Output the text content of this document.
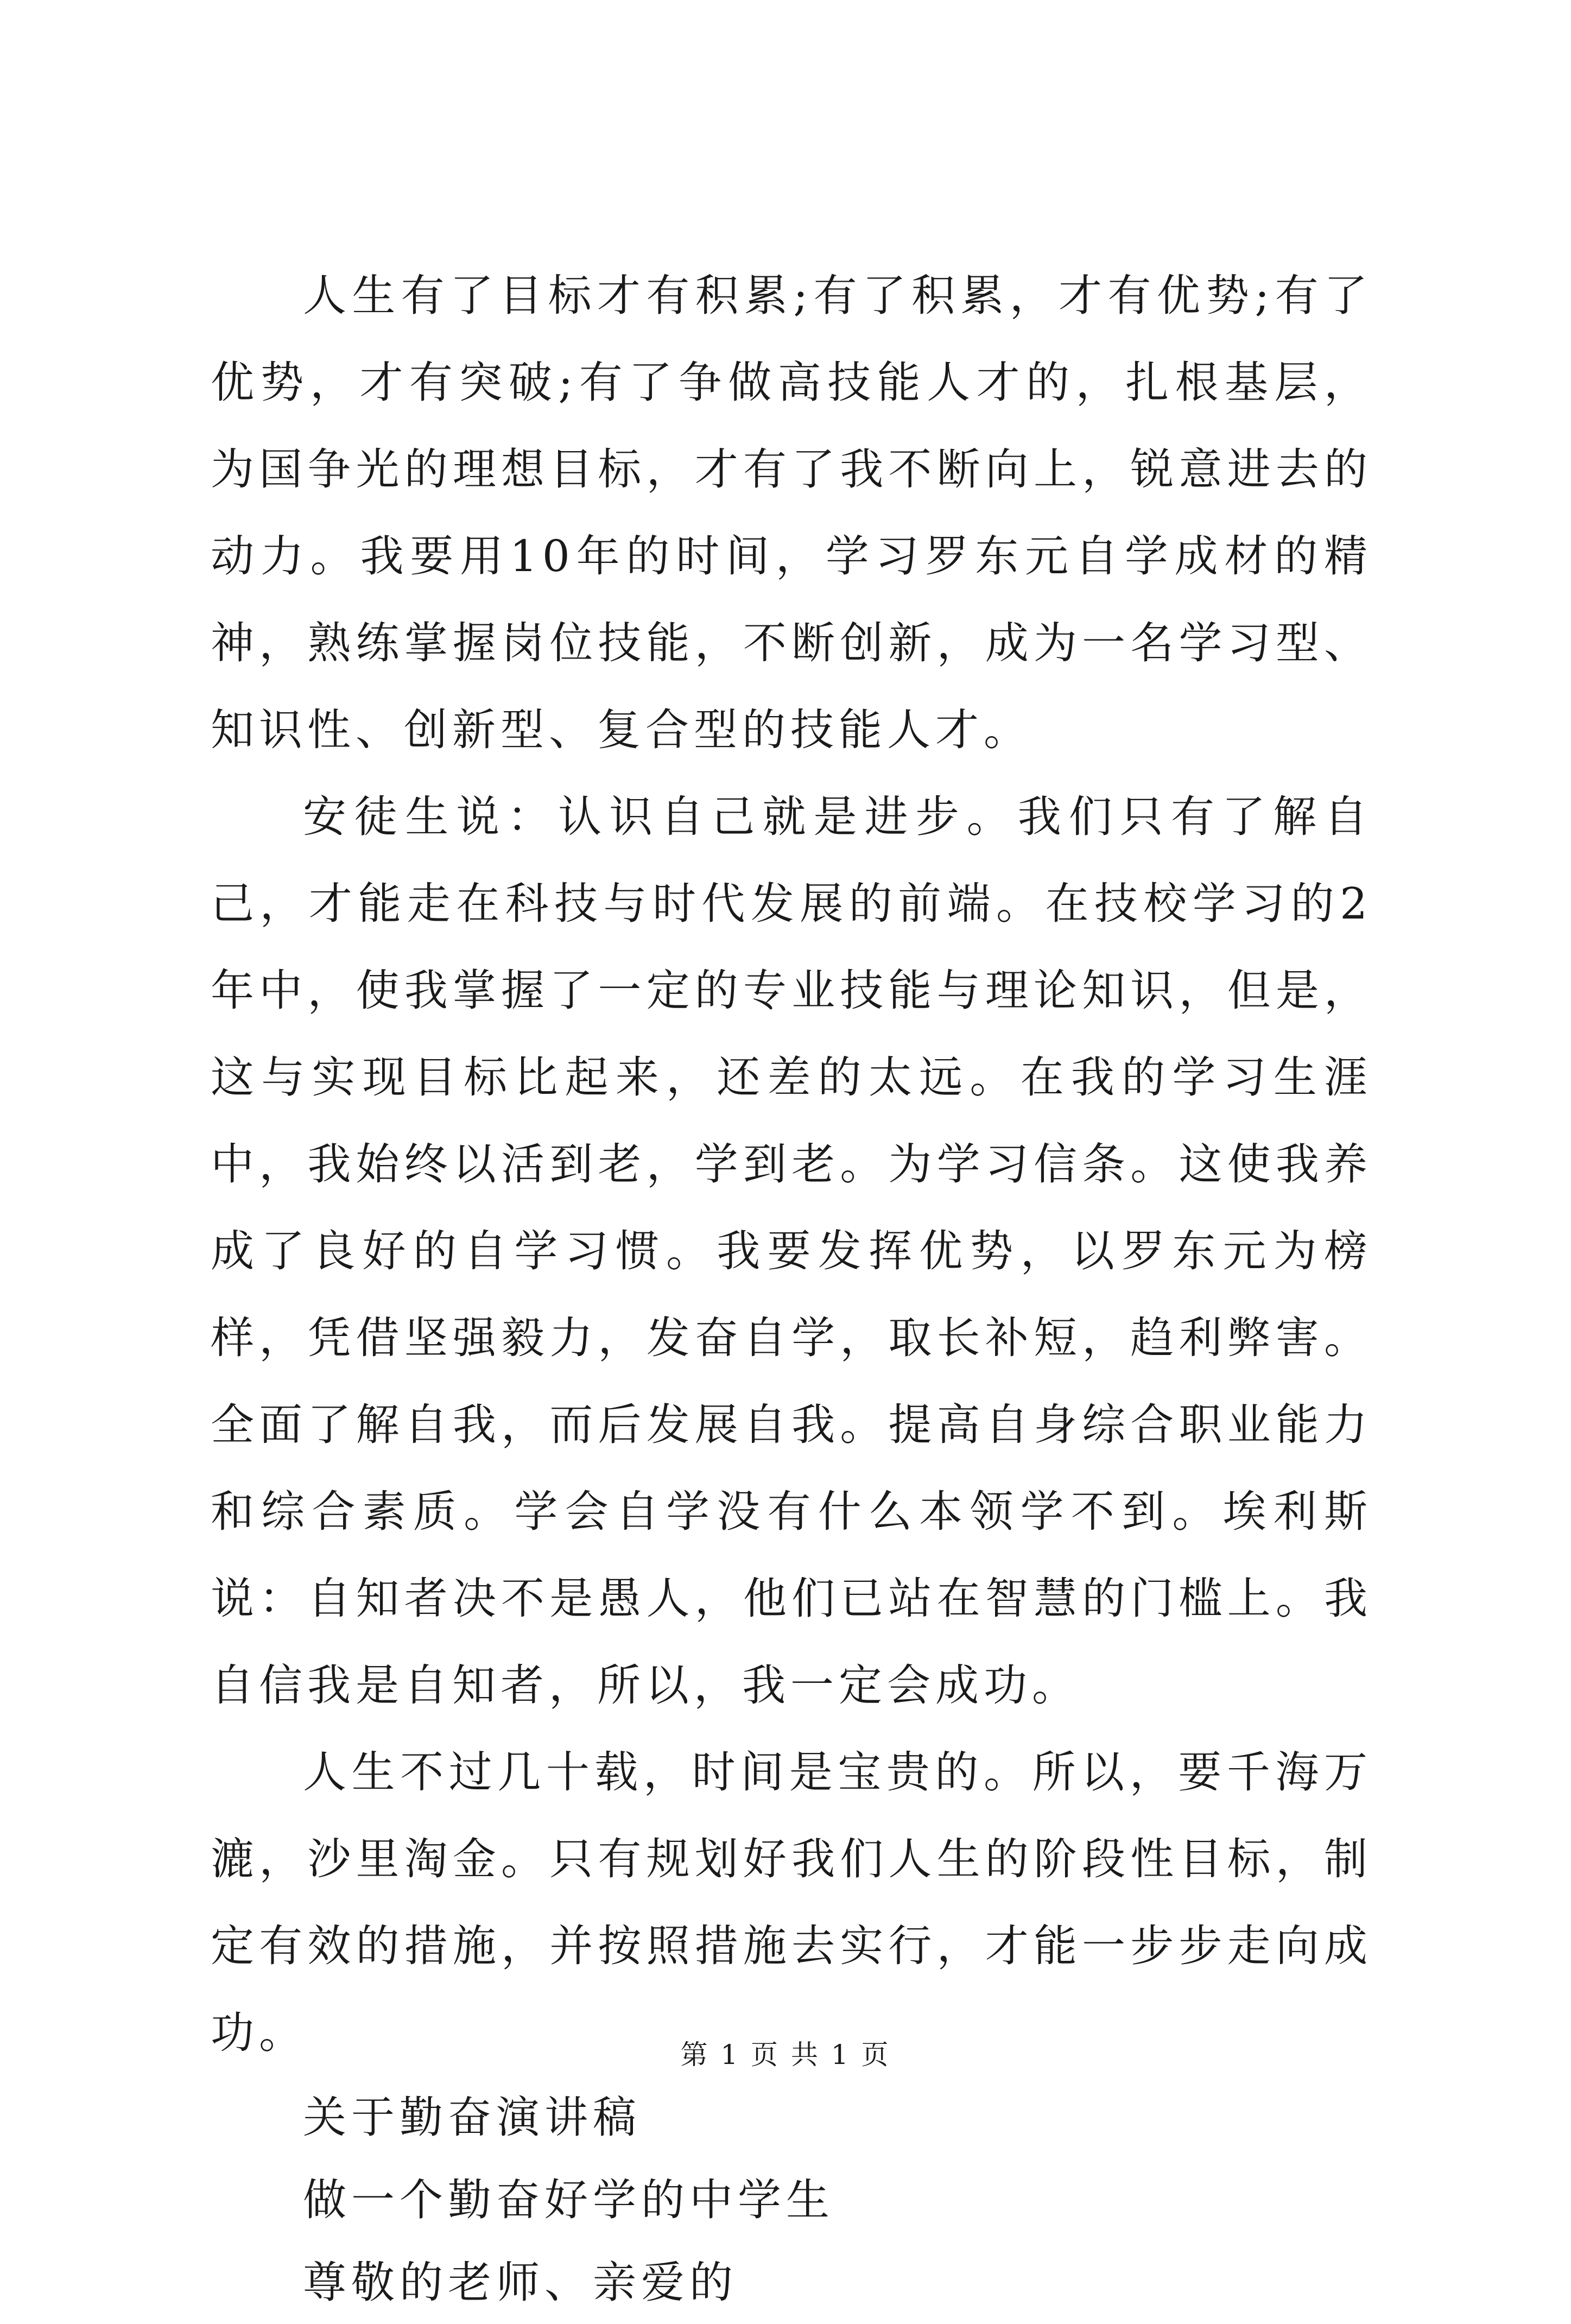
人生有了目标才有积累;有了积累，才有优势;有了优势，才有突破;有了争做高技能人才的，扎根基层，为国争光的理想目标，才有了我不断向上，锐意进去的动力。我要用10年的时间，学习罗东元自学成材的精神，熟练掌握岗位技能，不断创新，成为一名学习型、知识性、创新型、复合型的技能人才。

安徒生说：认识自己就是进步。我们只有了解自己，才能走在科技与时代发展的前端。在技校学习的2年中，使我掌握了一定的专业技能与理论知识，但是，这与实现目标比起来，还差的太远。在我的学习生涯中，我始终以活到老，学到老。为学习信条。这使我养成了良好的自学习惯。我要发挥优势，以罗东元为榜样，凭借坚强毅力，发奋自学，取长补短，趋利弊害。全面了解自我，而后发展自我。提高自身综合职业能力和综合素质。学会自学没有什么本领学不到。埃利斯说：自知者决不是愚人，他们已站在智慧的门槛上。我自信我是自知者，所以，我一定会成功。

人生不过几十载，时间是宝贵的。所以，要千海万漉，沙里淘金。只有规划好我们人生的阶段性目标，制定有效的措施，并按照措施去实行，才能一步步走向成功。

关于勤奋演讲稿

做一个勤奋好学的中学生

尊敬的老师、亲爱的

第 1 页 共 1 页
